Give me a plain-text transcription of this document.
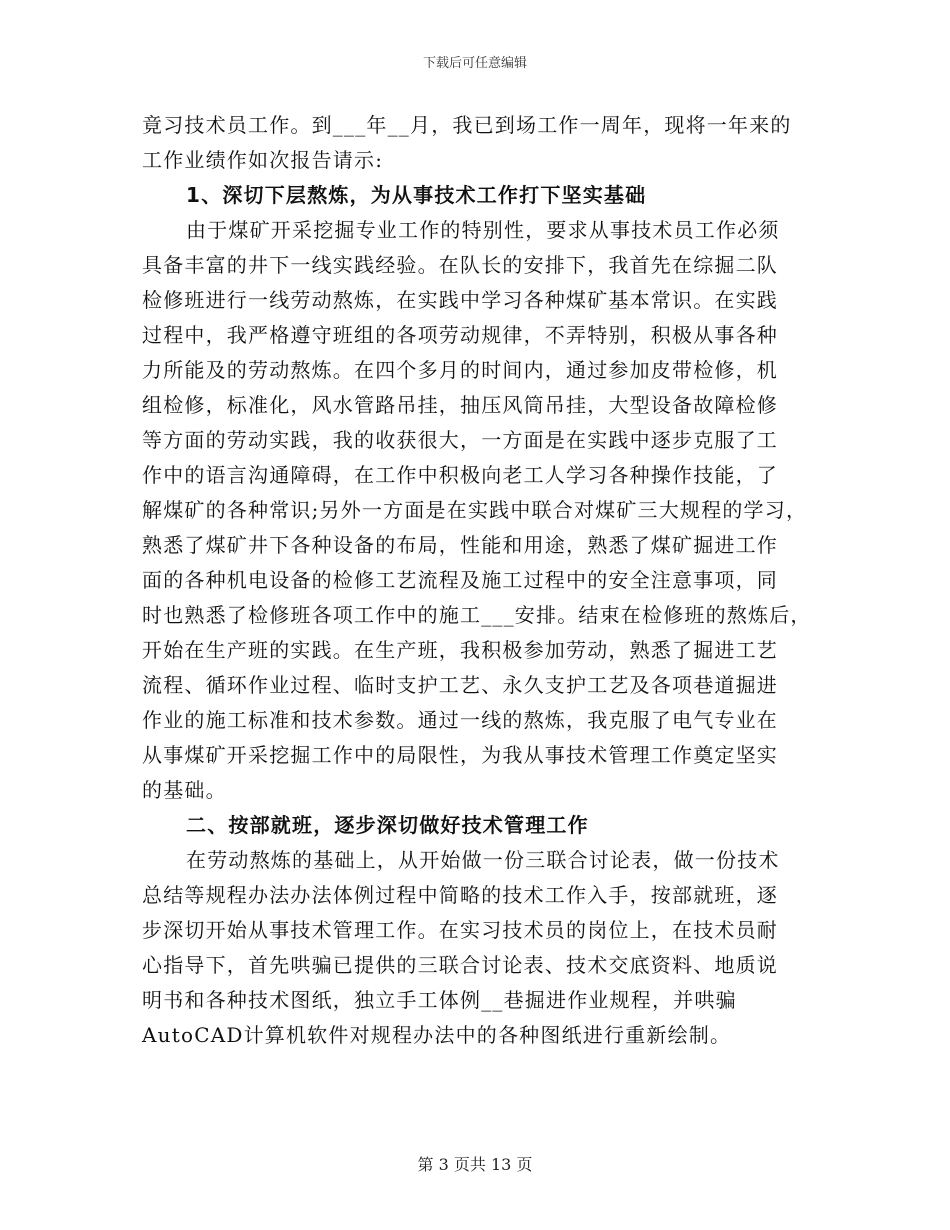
下载后可任意编辑
竟习技术员工作。到___年__月，我已到场工作一周年，现将一年来的
工作业绩作如次报告请示:
1、深切下层熬炼，为从事技术工作打下坚实基础
由于煤矿开采挖掘专业工作的特别性，要求从事技术员工作必须
具备丰富的井下一线实践经验。在队长的安排下，我首先在综掘二队
检修班进行一线劳动熬炼，在实践中学习各种煤矿基本常识。在实践
过程中，我严格遵守班组的各项劳动规律，不弄特别，积极从事各种
力所能及的劳动熬炼。在四个多月的时间内，通过参加皮带检修，机
组检修，标准化，风水管路吊挂，抽压风筒吊挂，大型设备故障检修
等方面的劳动实践，我的收获很大，一方面是在实践中逐步克服了工
作中的语言沟通障碍，在工作中积极向老工人学习各种操作技能，了
解煤矿的各种常识;另外一方面是在实践中联合对煤矿三大规程的学习，
熟悉了煤矿井下各种设备的布局，性能和用途，熟悉了煤矿掘进工作
面的各种机电设备的检修工艺流程及施工过程中的安全注意事项，同
时也熟悉了检修班各项工作中的施工___安排。结束在检修班的熬炼后，
开始在生产班的实践。在生产班，我积极参加劳动，熟悉了掘进工艺
流程、循环作业过程、临时支护工艺、永久支护工艺及各项巷道掘进
作业的施工标准和技术参数。通过一线的熬炼，我克服了电气专业在
从事煤矿开采挖掘工作中的局限性，为我从事技术管理工作奠定坚实
的基础。
二、按部就班，逐步深切做好技术管理工作
在劳动熬炼的基础上，从开始做一份三联合讨论表，做一份技术
总结等规程办法办法体例过程中简略的技术工作入手，按部就班，逐
步深切开始从事技术管理工作。在实习技术员的岗位上，在技术员耐
心指导下，首先哄骗已提供的三联合讨论表、技术交底资料、地质说
明书和各种技术图纸，独立手工体例__巷掘进作业规程，并哄骗
AutoCAD计算机软件对规程办法中的各种图纸进行重新绘制。
第 3 页共 13 页
